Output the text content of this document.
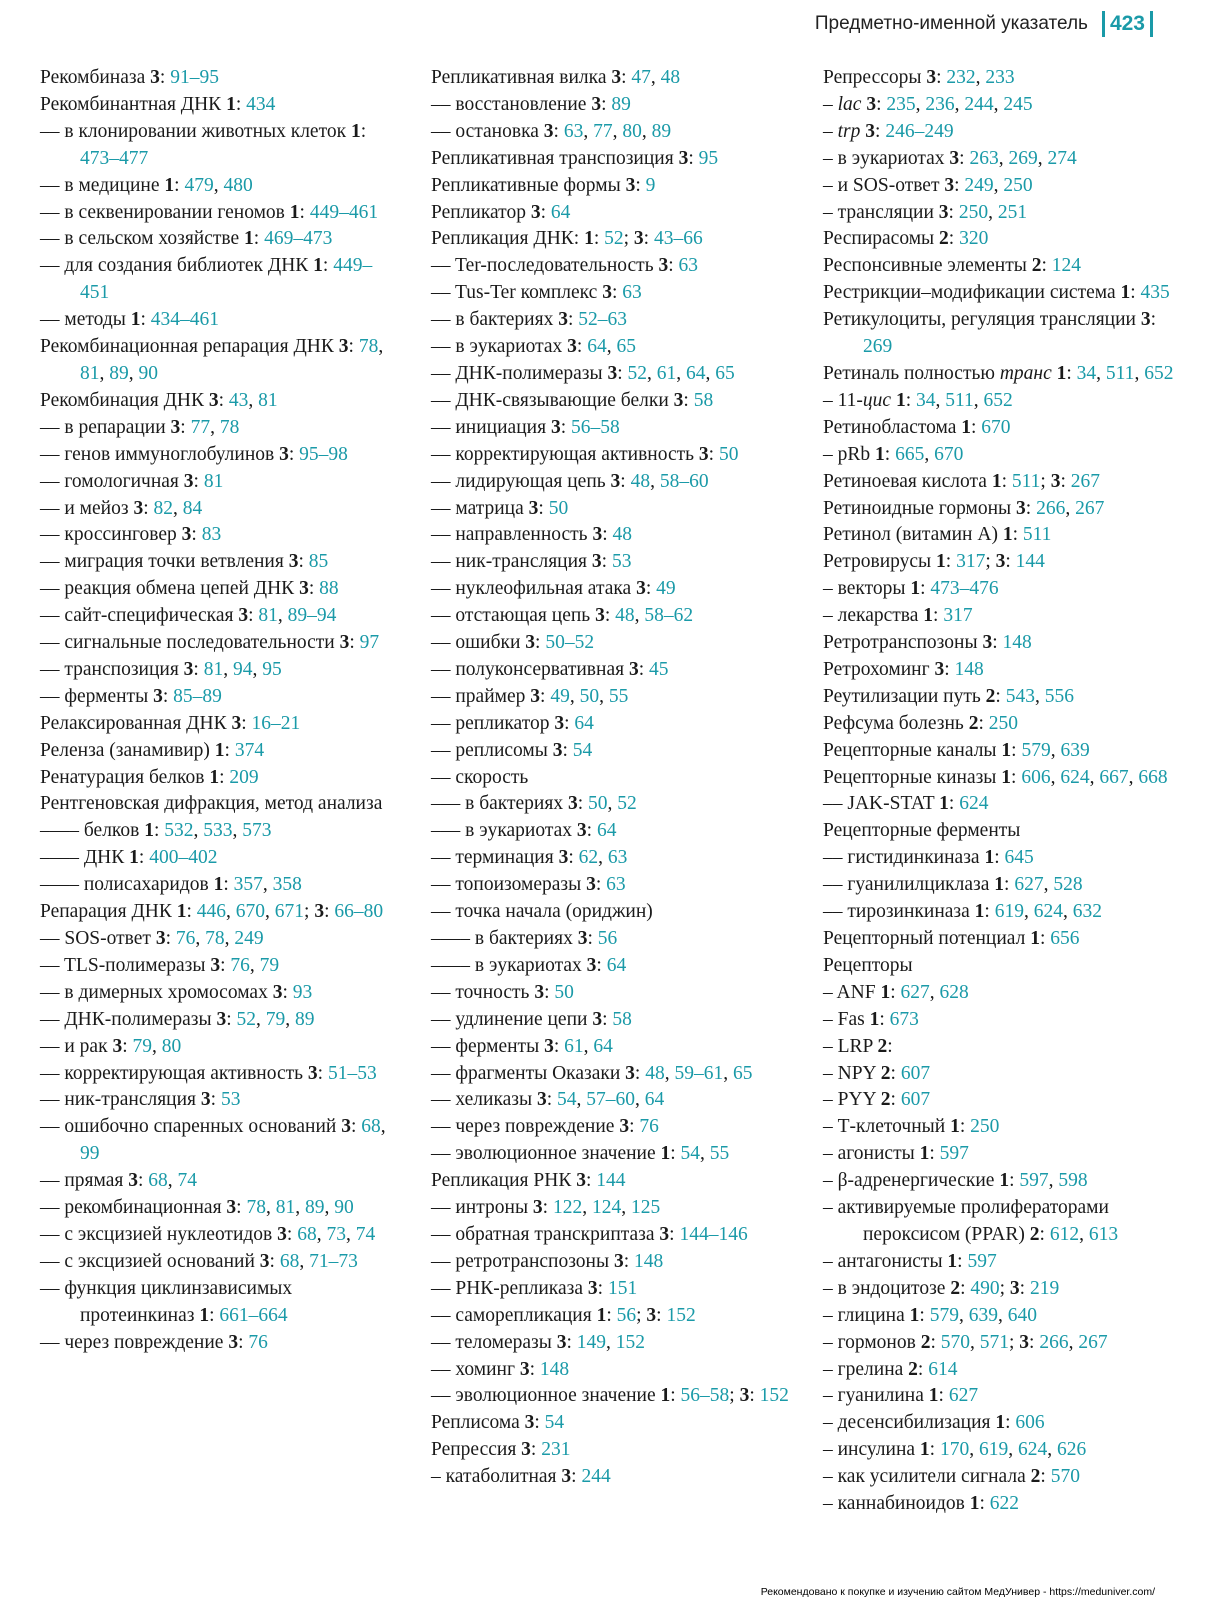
Предметно-именной указатель	423
Рекомбиназа 3: 91–95
Рекомбинантная ДНК 1: 434
–– в клонировании животных клеток 1: 473–477
–– в медицине 1: 479, 480
–– в секвенировании геномов 1: 449–461
–– в сельском хозяйстве 1: 469–473
–– для создания библиотек ДНК 1: 449–451
–– методы 1: 434–461
Рекомбинационная репарация ДНК 3: 78, 81, 89, 90
Рекомбинация ДНК 3: 43, 81
–– в репарации 3: 77, 78
–– генов иммуноглобулинов 3: 95–98
–– гомологичная 3: 81
–– и мейоз 3: 82, 84
–– кроссинговер 3: 83
–– миграция точки ветвления 3: 85
–– реакция обмена цепей ДНК 3: 88
–– сайт-специфическая 3: 81, 89–94
–– сигнальные последовательности 3: 97
–– транспозиция 3: 81, 94, 95
–– ферменты 3: 85–89
Релаксированная ДНК 3: 16–21
Реленза (занамивир) 1: 374
Ренатурация белков 1: 209
Рентгеновская дифракция, метод анализа
–––– белков 1: 532, 533, 573
–––– ДНК 1: 400–402
–––– полисахаридов 1: 357, 358
Репарация ДНК 1: 446, 670, 671; 3: 66–80
–– SOS-ответ 3: 76, 78, 249
–– TLS-полимеразы 3: 76, 79
–– в димерных хромосомах 3: 93
–– ДНК-полимеразы 3: 52, 79, 89
–– и рак 3: 79, 80
–– корректирующая активность 3: 51–53
–– ник-трансляция 3: 53
–– ошибочно спаренных оснований 3: 68, 99
–– прямая 3: 68, 74
–– рекомбинационная 3: 78, 81, 89, 90
–– с эксцизией нуклеотидов 3: 68, 73, 74
–– с эксцизией оснований 3: 68, 71–73
–– функция циклинзависимых протеинкиназ 1: 661–664
–– через повреждение 3: 76
Репликативная вилка 3: 47, 48
–– восстановление 3: 89
–– остановка 3: 63, 77, 80, 89
Репликативная транспозиция 3: 95
Репликативные формы 3: 9
Репликатор 3: 64
Репликация ДНК: 1: 52; 3: 43–66
–– Ter-последовательность 3: 63
–– Tus-Ter комплекс 3: 63
–– в бактериях 3: 52–63
–– в эукариотах 3: 64, 65
–– ДНК-полимеразы 3: 52, 61, 64, 65
–– ДНК-связывающие белки 3: 58
–– инициация 3: 56–58
–– корректирующая активность 3: 50
–– лидирующая цепь 3: 48, 58–60
–– матрица 3: 50
–– направленность 3: 48
–– ник-трансляция 3: 53
–– нуклеофильная атака 3: 49
–– отстающая цепь 3: 48, 58–62
–– ошибки 3: 50–52
–– полуконсервативная 3: 45
–– праймер 3: 49, 50, 55
–– репликатор 3: 64
–– реплисомы 3: 54
–– скорость
––– в бактериях 3: 50, 52
––– в эукариотах 3: 64
–– терминация 3: 62, 63
–– топоизомеразы 3: 63
–– точка начала (ориджин)
–––– в бактериях 3: 56
–––– в эукариотах 3: 64
–– точность 3: 50
–– удлинение цепи 3: 58
–– ферменты 3: 61, 64
–– фрагменты Оказаки 3: 48, 59–61, 65
–– хеликазы 3: 54, 57–60, 64
–– через повреждение 3: 76
–– эволюционное значение 1: 54, 55
Репликация РНК 3: 144
–– интроны 3: 122, 124, 125
–– обратная транскриптаза 3: 144–146
–– ретротранспозоны 3: 148
–– РНК-репликаза 3: 151
–– саморепликация 1: 56; 3: 152
–– теломеразы 3: 149, 152
–– хоминг 3: 148
–– эволюционное значение 1: 56–58; 3: 152
Реплисома 3: 54
Репрессия 3: 231
– катаболитная 3: 244
Репрессоры 3: 232, 233
– lac 3: 235, 236, 244, 245
– trp 3: 246–249
– в эукариотах 3: 263, 269, 274
– и SOS-ответ 3: 249, 250
– трансляции 3: 250, 251
Респирасомы 2: 320
Респонсивные элементы 2: 124
Рестрикции–модификации система 1: 435
Ретикулоциты, регуляция трансляции 3: 269
Ретиналь полностью транс 1: 34, 511, 652
– 11-цис 1: 34, 511, 652
Ретинобластома 1: 670
– pRb 1: 665, 670
Ретиноевая кислота 1: 511; 3: 267
Ретиноидные гормоны 3: 266, 267
Ретинол (витамин А) 1: 511
Ретровирусы 1: 317; 3: 144
– векторы 1: 473–476
– лекарства 1: 317
Ретротранспозоны 3: 148
Ретрохоминг 3: 148
Реутилизации путь 2: 543, 556
Рефсума болезнь 2: 250
Рецепторные каналы 1: 579, 639
Рецепторные киназы 1: 606, 624, 667, 668
–– JAK-STAT 1: 624
Рецепторные ферменты
–– гистидинкиназа 1: 645
–– гуанилилциклаза 1: 627, 528
–– тирозинкиназа 1: 619, 624, 632
Рецепторный потенциал 1: 656
Рецепторы
– ANF 1: 627, 628
– Fas 1: 673
– LRP 2:
– NPY 2: 607
– PYY 2: 607
– Т-клеточный 1: 250
– агонисты 1: 597
– β-адренергические 1: 597, 598
– активируемые пролифераторами пероксисом (PPAR) 2: 612, 613
– антагонисты 1: 597
– в эндоцитозе 2: 490; 3: 219
– глицина 1: 579, 639, 640
– гормонов 2: 570, 571; 3: 266, 267
– грелина 2: 614
– гуанилина 1: 627
– десенсибилизация 1: 606
– инсулина 1: 170, 619, 624, 626
– как усилители сигнала 2: 570
– каннабиноидов 1: 622
Рекомендовано к покупке и изучению сайтом МедУнивер - https://meduniver.com/
